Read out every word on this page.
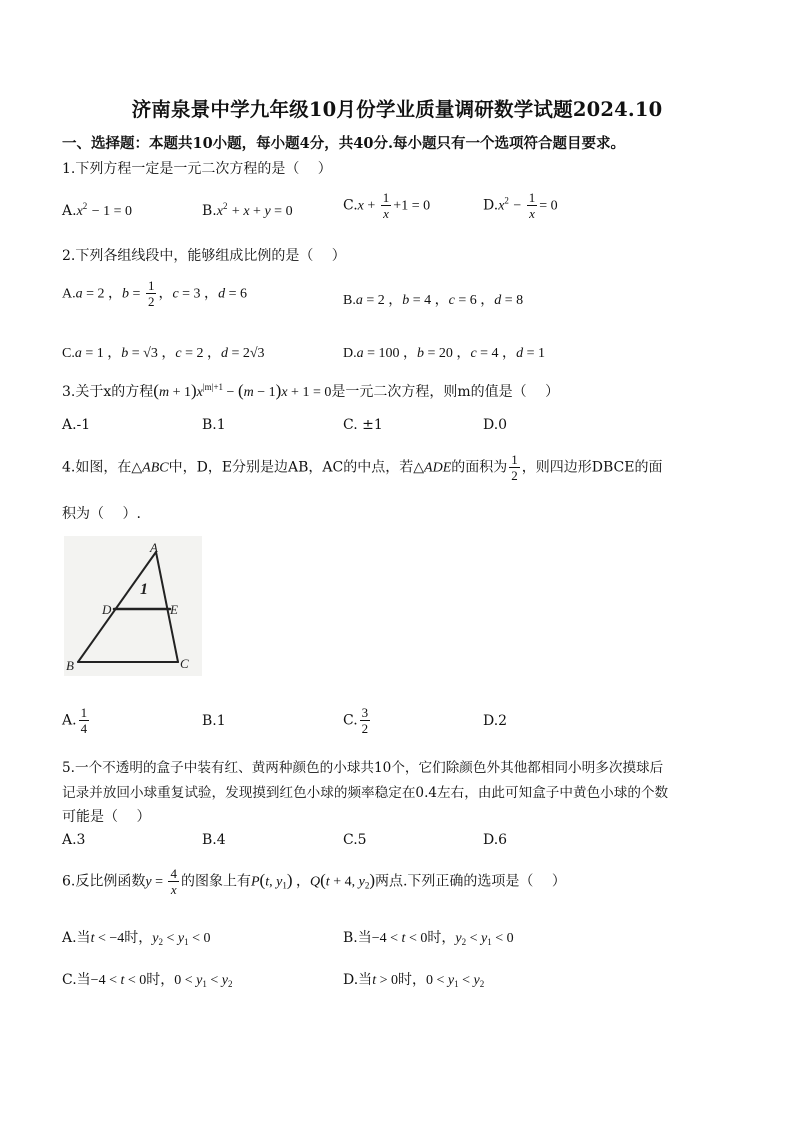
济南泉景中学九年级10月份学业质量调研数学试题2024.10
一、选择题：本题共10小题，每小题4分，共40分.每小题只有一个选项符合题目要求。
1.下列方程一定是一元二次方程的是（　 ）
$A.x^2 - 1 = 0$	$B.x^2 + x + y = 0$	$C.x + \frac{1}{x} +1 = 0$	$D.x^2 - \frac{1}{x} = 0$
2.下列各组线段中，能够组成比例的是（　 ）
A.a = 2 ，$b = \frac{1}{2}$ ，c = 3 ，d = 6	B.a = 2 ，b = 4 ，c = 6 ，d = 8
C.a = 1 ，b = √3 ，c = 2 ，d = 2√3	D.a = 100 ，b = 20 ，c = 4 ，d = 1
3.关于x的方程$(m + 1)x^{|m|+1} - (m - 1)x + 1 = 0$是一元二次方程，则m的值是（　 ）
A.-1	B.1	C. ±1	D.0
4.如图，在△ABC中，D，E分别是边AB，AC的中点，若△ADE的面积为 $\frac{1}{2}$ ，则四边形DBCE的面
积为（　 ）.
A
D	E
B	C
1
A. $\frac{1}{4}$	B.1	C. $\frac{3}{2}$	D.2
5.一个不透明的盒子中装有红、黄两种颜色的小球共10个，它们除颜色外其他都相同小明多次摸球后
记录并放回小球重复试验，发现摸到红色小球的频率稳定在0.4左右，由此可知盒子中黄色小球的个数
可能是（　 ）
A.3	B.4	C.5	D.6
6.反比例函数$y = \frac{4}{x}$ 的图象上有P(t, $y_1$) ，Q(t + 4, $y_2$)两点.下列正确的选项是（　 ）
A.当t < −4时，$y_2 < y_1 < 0$	B.当−4 < t < 0时，$y_2 < y_1 < 0$
C.当−4 < t < 0时，$0 < y_1 < y_2$	D.当t > 0时，$0 < y_1 < y_2$
